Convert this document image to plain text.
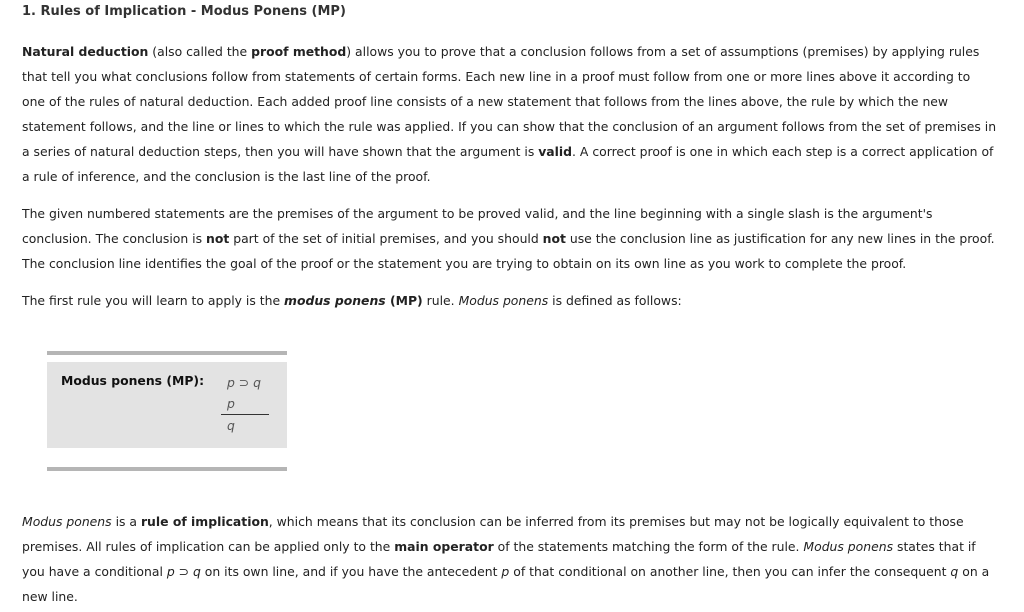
1. Rules of Implication - Modus Ponens (MP)

Natural deduction (also called the proof method) allows you to prove that a conclusion follows from a set of assumptions (premises) by applying rules that tell you what conclusions follow from statements of certain forms. Each new line in a proof must follow from one or more lines above it according to one of the rules of natural deduction. Each added proof line consists of a new statement that follows from the lines above, the rule by which the new statement follows, and the line or lines to which the rule was applied. If you can show that the conclusion of an argument follows from the set of premises in a series of natural deduction steps, then you will have shown that the argument is valid. A correct proof is one in which each step is a correct application of a rule of inference, and the conclusion is the last line of the proof.

The given numbered statements are the premises of the argument to be proved valid, and the line beginning with a single slash is the argument's conclusion. The conclusion is not part of the set of initial premises, and you should not use the conclusion line as justification for any new lines in the proof. The conclusion line identifies the goal of the proof or the statement you are trying to obtain on its own line as you work to complete the proof.

The first rule you will learn to apply is the modus ponens (MP) rule. Modus ponens is defined as follows:

Modus ponens is a rule of implication, which means that its conclusion can be inferred from its premises but may not be logically equivalent to those premises. All rules of implication can be applied only to the main operator of the statements matching the form of the rule. Modus ponens states that if you have a conditional p ⊃ q on its own line, and if you have the antecedent p of that conditional on another line, then you can infer the consequent q on a new line.

Modus ponens (MP):	p ⊃ q
p
q
